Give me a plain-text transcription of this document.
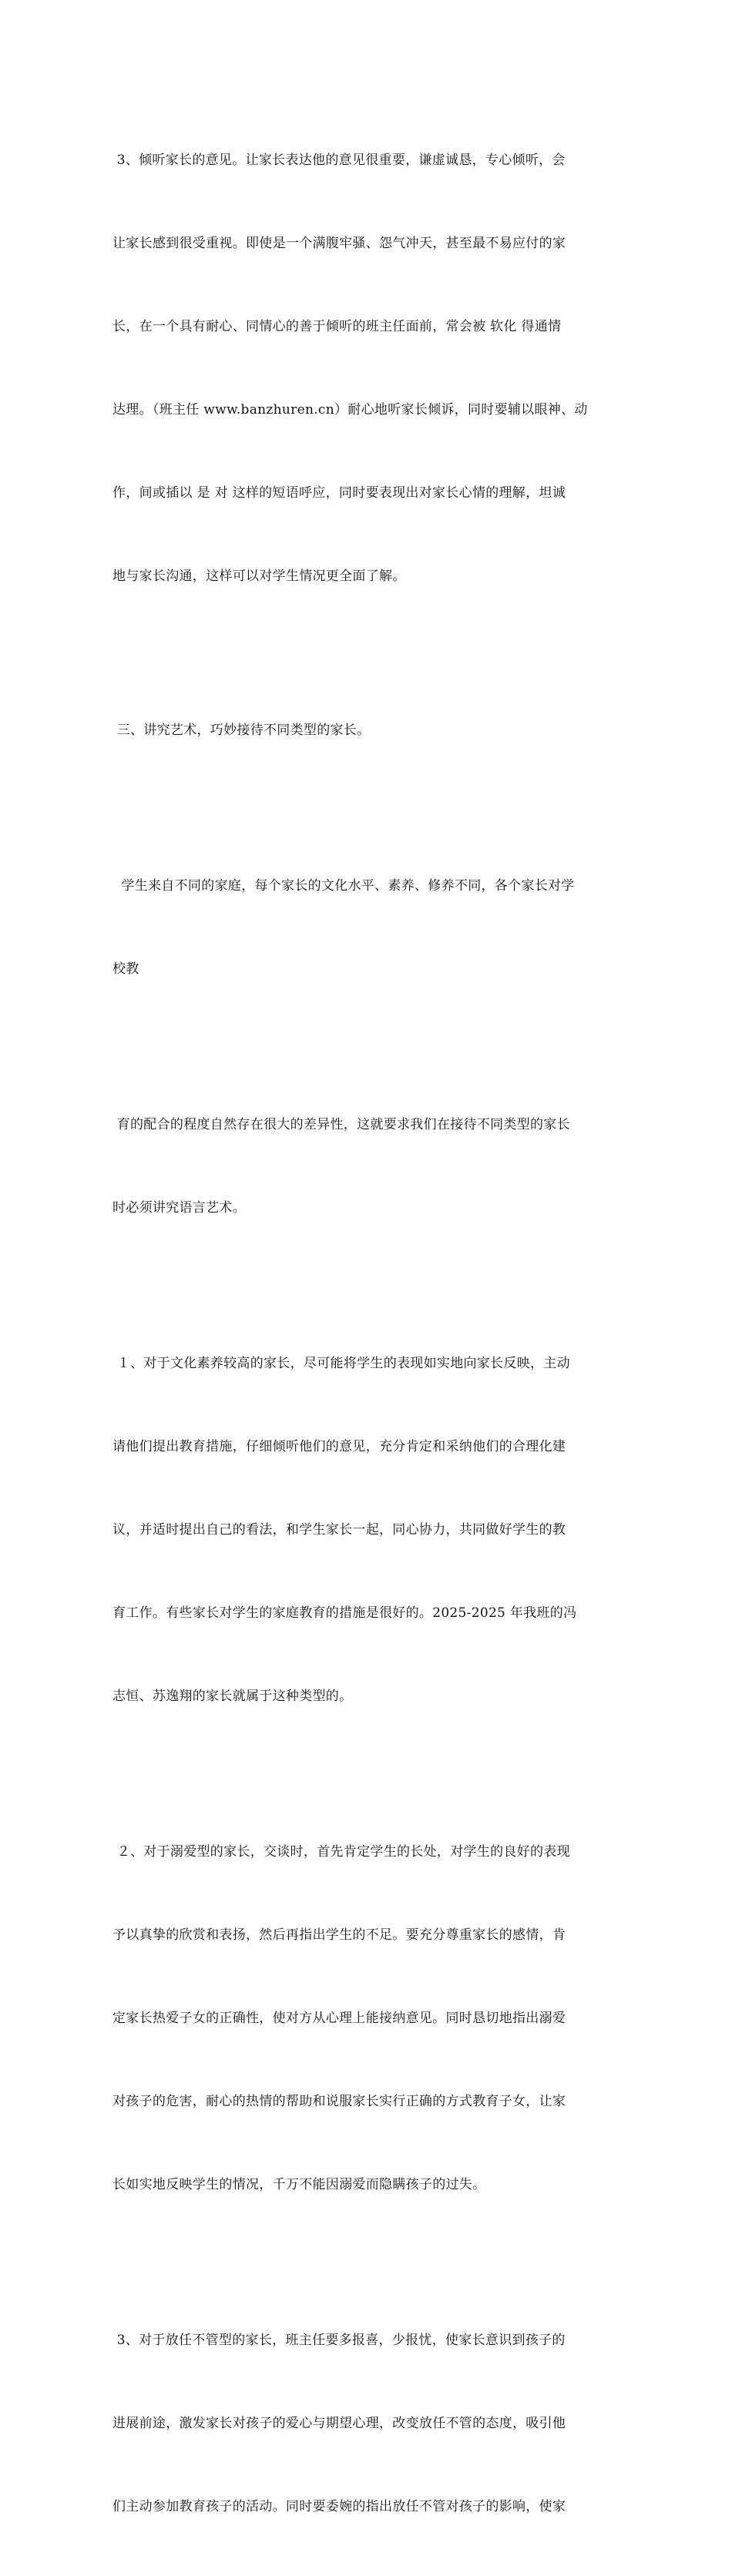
3、倾听家长的意见。让家长表达他的意见很重要，谦虚诚恳，专心倾听，会

让家长感到很受重视。即使是一个满腹牢骚、怨气冲天，甚至最不易应付的家

长，在一个具有耐心、同情心的善于倾听的班主任面前，常会被 软化 得通情

达理。（班主任 www.banzhuren.cn）耐心地听家长倾诉，同时要辅以眼神、动

作，间或插以 是 对 这样的短语呼应，同时要表现出对家长心情的理解，坦诚

地与家长沟通，这样可以对学生情况更全面了解。

三、讲究艺术，巧妙接待不同类型的家长。

学生来自不同的家庭，每个家长的文化水平、素养、修养不同，各个家长对学

校教

育的配合的程度自然存在很大的差异性，这就要求我们在接待不同类型的家长

时必须讲究语言艺术。

１、对于文化素养较高的家长，尽可能将学生的表现如实地向家长反映，主动

请他们提出教育措施，仔细倾听他们的意见，充分肯定和采纳他们的合理化建

议，并适时提出自己的看法，和学生家长一起，同心协力，共同做好学生的教

育工作。有些家长对学生的家庭教育的措施是很好的。2025-2025 年我班的冯

志恒、苏逸翔的家长就属于这种类型的。

２、对于溺爱型的家长，交谈时，首先肯定学生的长处，对学生的良好的表现

予以真挚的欣赏和表扬，然后再指出学生的不足。要充分尊重家长的感情，肯

定家长热爱子女的正确性，使对方从心理上能接纳意见。同时恳切地指出溺爱

对孩子的危害，耐心的热情的帮助和说服家长实行正确的方式教育子女，让家

长如实地反映学生的情况，千万不能因溺爱而隐瞒孩子的过失。

3、对于放任不管型的家长，班主任要多报喜，少报忧，使家长意识到孩子的

进展前途，激发家长对孩子的爱心与期望心理，改变放任不管的态度，吸引他

们主动参加教育孩子的活动。同时要委婉的指出放任不管对孩子的影响，使家
